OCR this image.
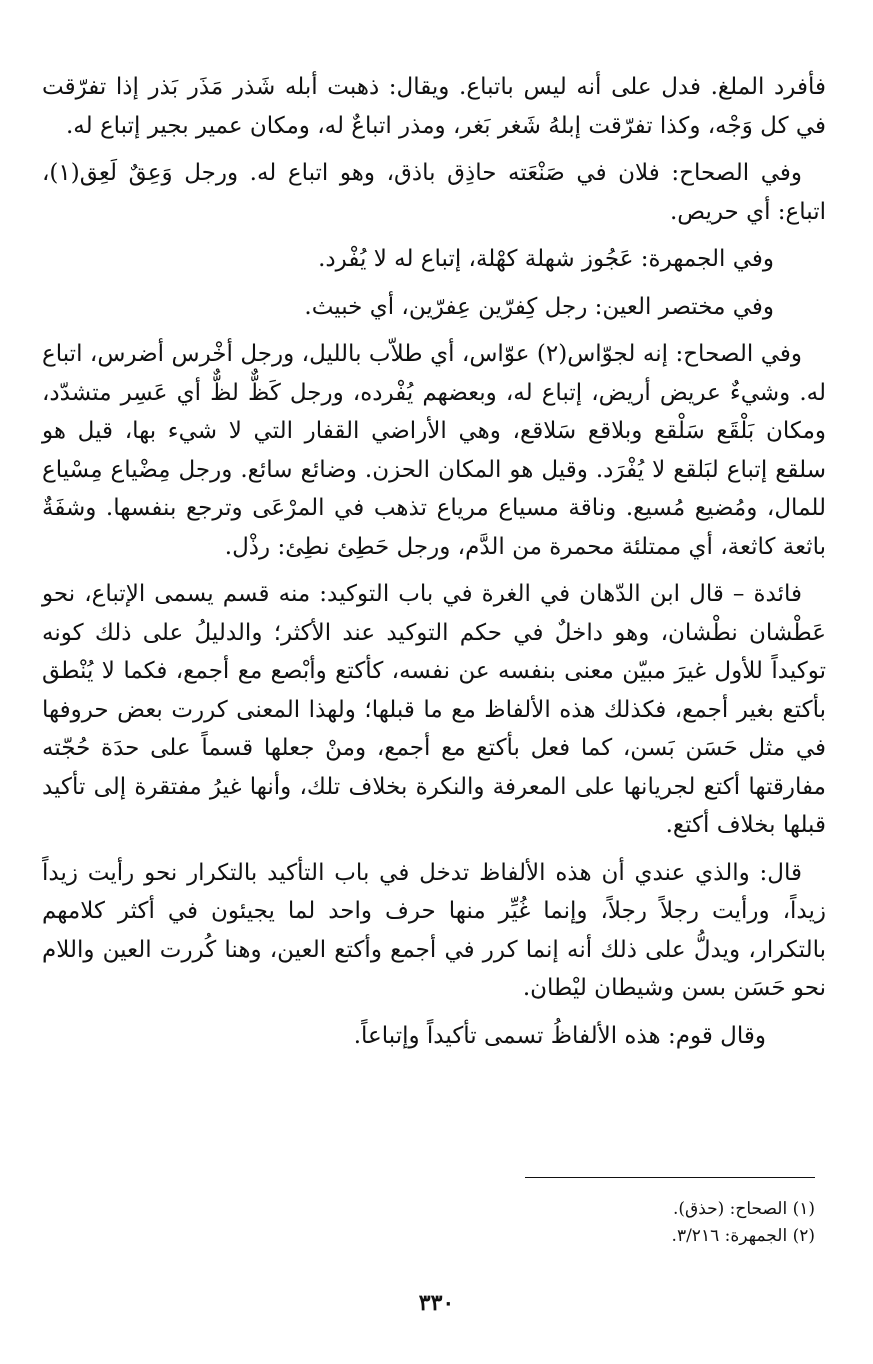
فأفرد الملغ. فدل على أنه ليس باتباع. ويقال: ذهبت أبله شَذر مَذَر بَذر إذا تفرّقت في كل وَجْه، وكذا تفرّقت إبلهُ شَغر بَغر، ومذر اتباعٌ له، ومكان عمير بجير إتباع له.

وفي الصحاح: فلان في صَنْعَته حاذِق باذق، وهو اتباع له. ورجل وَعِقٌ لَعِق(١)، اتباع: أي حريص.

وفي الجمهرة: عَجُوز شهلة كهْلة، إتباع له لا يُفْرد.

وفي مختصر العين: رجل كِفرّين عِفرّين، أي خبيث.

وفي الصحاح: إنه لجوّاس(٢) عوّاس، أي طلاّب بالليل، ورجل أخْرس أضرس، اتباع له. وشيءٌ عريض أريض، إتباع له، وبعضهم يُفْرده، ورجل كَظٌّ لظٌّ أي عَسِر متشدّد، ومكان بَلْقَع سَلْقع وبلاقع سَلاقع، وهي الأراضي القفار التي لا شيء بها، قيل هو سلقع إتباع لبَلقع لا يُفْرَد. وقيل هو المكان الحزن. وضائع سائع. ورجل مِضْياع مِسْياع للمال، ومُضيع مُسيع. وناقة مسياع مرياع تذهب في المرْعَى وترجع بنفسها. وشفَةٌ باثعة كاثعة، أي ممتلئة محمرة من الدَّم، ورجل حَطِئ نطِئ: رذْل.

فائدة – قال ابن الدّهان في الغرة في باب التوكيد: منه قسم يسمى الإتباع، نحو عَطْشان نطْشان، وهو داخلٌ في حكم التوكيد عند الأكثر؛ والدليلُ على ذلك كونه توكيداً للأول غيرَ مبيّن معنى بنفسه عن نفسه، كأكتع وأبْصع مع أجمع، فكما لا يُنْطق بأكتع بغير أجمع، فكذلك هذه الألفاظ مع ما قبلها؛ ولهذا المعنى كررت بعض حروفها في مثل حَسَن بَسن، كما فعل بأكتع مع أجمع، ومنْ جعلها قسماً على حدَة حُجّته مفارقتها أكتع لجريانها على المعرفة والنكرة بخلاف تلك، وأنها غيرُ مفتقرة إلى تأكيد قبلها بخلاف أكتع.

قال: والذي عندي أن هذه الألفاظ تدخل في باب التأكيد بالتكرار نحو رأيت زيداً زيداً، ورأيت رجلاً رجلاً، وإنما غُيِّر منها حرف واحد لما يجيئون في أكثر كلامهم بالتكرار، ويدلُّ على ذلك أنه إنما كرر في أجمع وأكتع العين، وهنا كُررت العين واللام نحو حَسَن بسن وشيطان ليْطان.

وقال قوم: هذه الألفاظُ تسمى تأكيداً وإتباعاً.

(١) الصحاح: (حذق).

(٢) الجمهرة: ٣/٢١٦.

٣٣٠
